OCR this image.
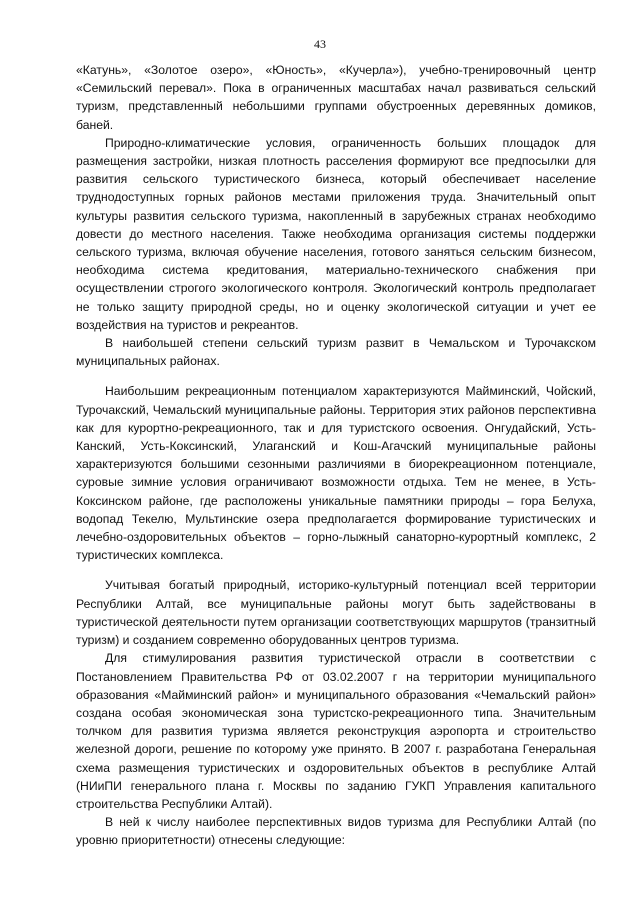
43

«Катунь», «Золотое озеро», «Юность», «Кучерла»), учебно-тренировочный центр «Семильский перевал». Пока в ограниченных масштабах начал развиваться сельский туризм, представленный небольшими группами обустроенных деревянных домиков, баней.

Природно-климатические условия, ограниченность больших площадок для размещения застройки, низкая плотность расселения формируют все предпосылки для развития сельского туристического бизнеса, который обеспечивает население труднодоступных горных районов местами приложения труда. Значительный опыт культуры развития сельского туризма, накопленный в зарубежных странах необходимо довести до местного населения. Также необходима организация системы поддержки сельского туризма, включая обучение населения, готового заняться сельским бизнесом, необходима система кредитования, материально-технического снабжения при осуществлении строгого экологического контроля. Экологический контроль предполагает не только защиту природной среды, но и оценку экологической ситуации и учет ее воздействия на туристов и рекреантов.

В наибольшей степени сельский туризм развит в Чемальском и Турочакском муниципальных районах.

Наибольшим рекреационным потенциалом характеризуются Майминский, Чойский, Турочакский, Чемальский муниципальные районы. Территория этих районов перспективна как для курортно-рекреационного, так и для туристского освоения. Онгудайский, Усть-Канский, Усть-Коксинский, Улаганский и Кош-Агачский муниципальные районы характеризуются большими сезонными различиями в биорекреационном потенциале, суровые зимние условия ограничивают возможности отдыха. Тем не менее, в Усть-Коксинском районе, где расположены уникальные памятники природы – гора Белуха, водопад Текелю, Мультинские озера предполагается формирование туристических и лечебно-оздоровительных объектов – горно-лыжный санаторно-курортный комплекс, 2 туристических комплекса.

Учитывая богатый природный, историко-культурный потенциал всей территории Республики Алтай, все муниципальные районы могут быть задействованы в туристической деятельности путем организации соответствующих маршрутов (транзитный туризм) и созданием современно оборудованных центров туризма.

Для стимулирования развития туристической отрасли в соответствии с Постановлением Правительства РФ от 03.02.2007 г на территории муниципального образования «Майминский район» и муниципального образования «Чемальский район» создана особая экономическая зона туристско-рекреационного типа. Значительным толчком для развития туризма является реконструкция аэропорта и строительство железной дороги, решение по которому уже принято. В 2007 г. разработана Генеральная схема размещения туристических и оздоровительных объектов в республике Алтай (НИиПИ генерального плана г. Москвы по заданию ГУКП Управления капитального строительства Республики Алтай).

В ней к числу наиболее перспективных видов туризма для Республики Алтай (по уровню приоритетности) отнесены следующие:
